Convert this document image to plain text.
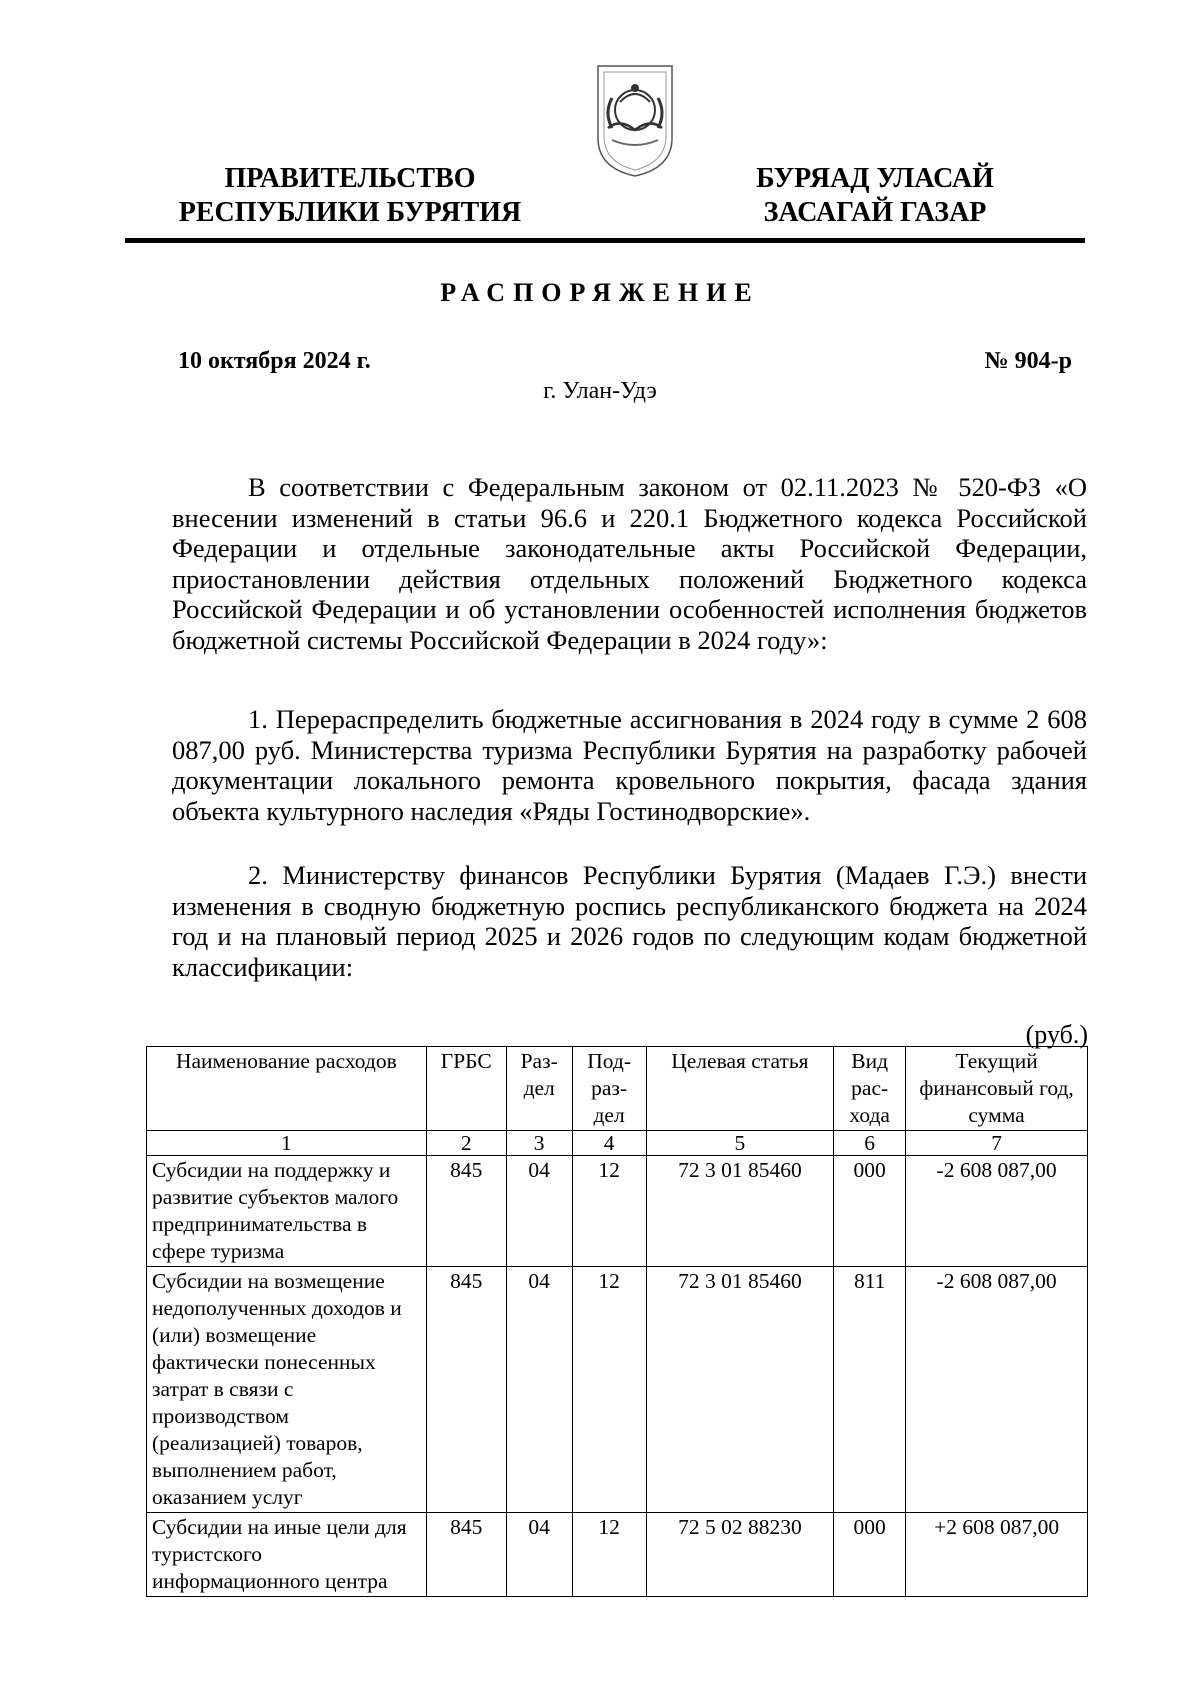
ПРАВИТЕЛЬСТВО
РЕСПУБЛИКИ БУРЯТИЯ
БУРЯАД УЛАСАЙ
ЗАСАГАЙ ГАЗАР
РАСПОРЯЖЕНИЕ
10 октября 2024 г.	№ 904-р
г. Улан-Удэ

В соответствии с Федеральным законом от 02.11.2023 № 520-ФЗ «О внесении изменений в статьи 96.6 и 220.1 Бюджетного кодекса Российской Федерации и отдельные законодательные акты Российской Федерации, приостановлении действия отдельных положений Бюджетного кодекса Российской Федерации и об установлении особенностей исполнения бюджетов бюджетной системы Российской Федерации в 2024 году»:

1. Перераспределить бюджетные ассигнования в 2024 году в сумме 2 608 087,00 руб. Министерства туризма Республики Бурятия на разработку рабочей документации локального ремонта кровельного покрытия, фасада здания объекта культурного наследия «Ряды Гостинодворские».

2. Министерству финансов Республики Бурятия (Мадаев Г.Э.) внести изменения в сводную бюджетную роспись республиканского бюджета на 2024 год и на плановый период 2025 и 2026 годов по следующим кодам бюджетной классификации:

(руб.)
Наименование расходов	ГРБС	Раз-дел	Под-раз-дел	Целевая статья	Вид рас-хода	Текущий финансовый год, сумма
1	2	3	4	5	6	7
Субсидии на поддержку и развитие субъектов малого предпринимательства в сфере туризма	845	04	12	72 3 01 85460	000	-2 608 087,00
Субсидии на возмещение недополученных доходов и (или) возмещение фактически понесенных затрат в связи с производством (реализацией) товаров, выполнением работ, оказанием услуг	845	04	12	72 3 01 85460	811	-2 608 087,00
Субсидии на иные цели для туристского информационного центра	845	04	12	72 5 02 88230	000	+2 608 087,00
